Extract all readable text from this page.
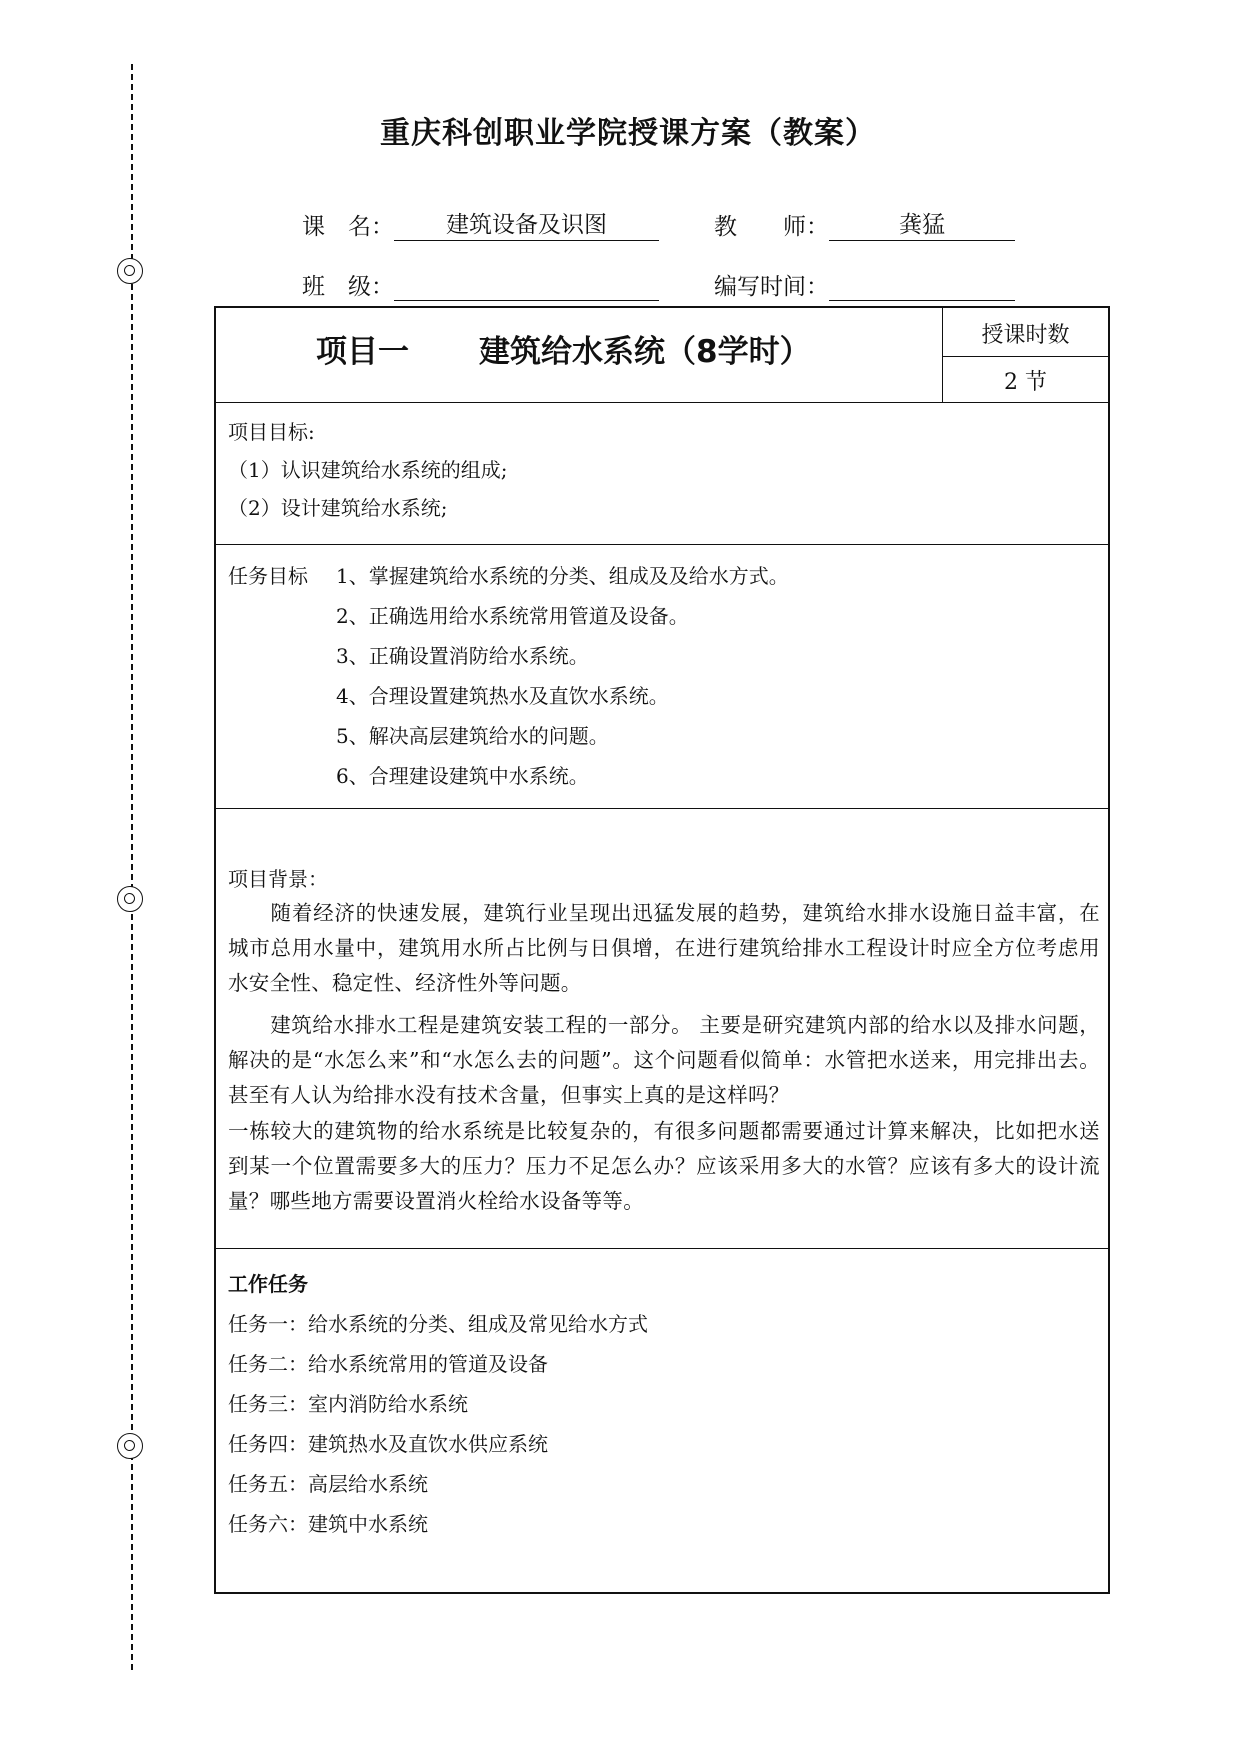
重庆科创职业学院授课方案（教案）
课　名： 建筑设备及识图	教　　师：	龚猛
班　级：	编写时间：
项目一 建筑给水系统（8学时）	授课时数
2 节
项目目标:
（1）认识建筑给水系统的组成;
（2）设计建筑给水系统;
任务目标 1、掌握建筑给水系统的分类、组成及及给水方式。
2、正确选用给水系统常用管道及设备。
3、正确设置消防给水系统。
4、合理设置建筑热水及直饮水系统。
5、解决高层建筑给水的问题。
6、合理建设建筑中水系统。
项目背景：
　　随着经济的快速发展，建筑行业呈现出迅猛发展的趋势，建筑给水排水设施日益丰富，在城市总用水量中，建筑用水所占比例与日俱增，在进行建筑给排水工程设计时应全方位考虑用水安全性、稳定性、经济性外等问题。
　　建筑给水排水工程是建筑安装工程的一部分。 主要是研究建筑内部的给水以及排水问题，解决的是“水怎么来”和“水怎么去的问题”。这个问题看似简单：水管把水送来，用完排出去。甚至有人认为给排水没有技术含量，但事实上真的是这样吗？
一栋较大的建筑物的给水系统是比较复杂的，有很多问题都需要通过计算来解决，比如把水送到某一个位置需要多大的压力？压力不足怎么办？应该采用多大的水管？应该有多大的设计流量？哪些地方需要设置消火栓给水设备等等。
工作任务
任务一：给水系统的分类、组成及常见给水方式
任务二：给水系统常用的管道及设备
任务三：室内消防给水系统
任务四：建筑热水及直饮水供应系统
任务五：高层给水系统
任务六：建筑中水系统
